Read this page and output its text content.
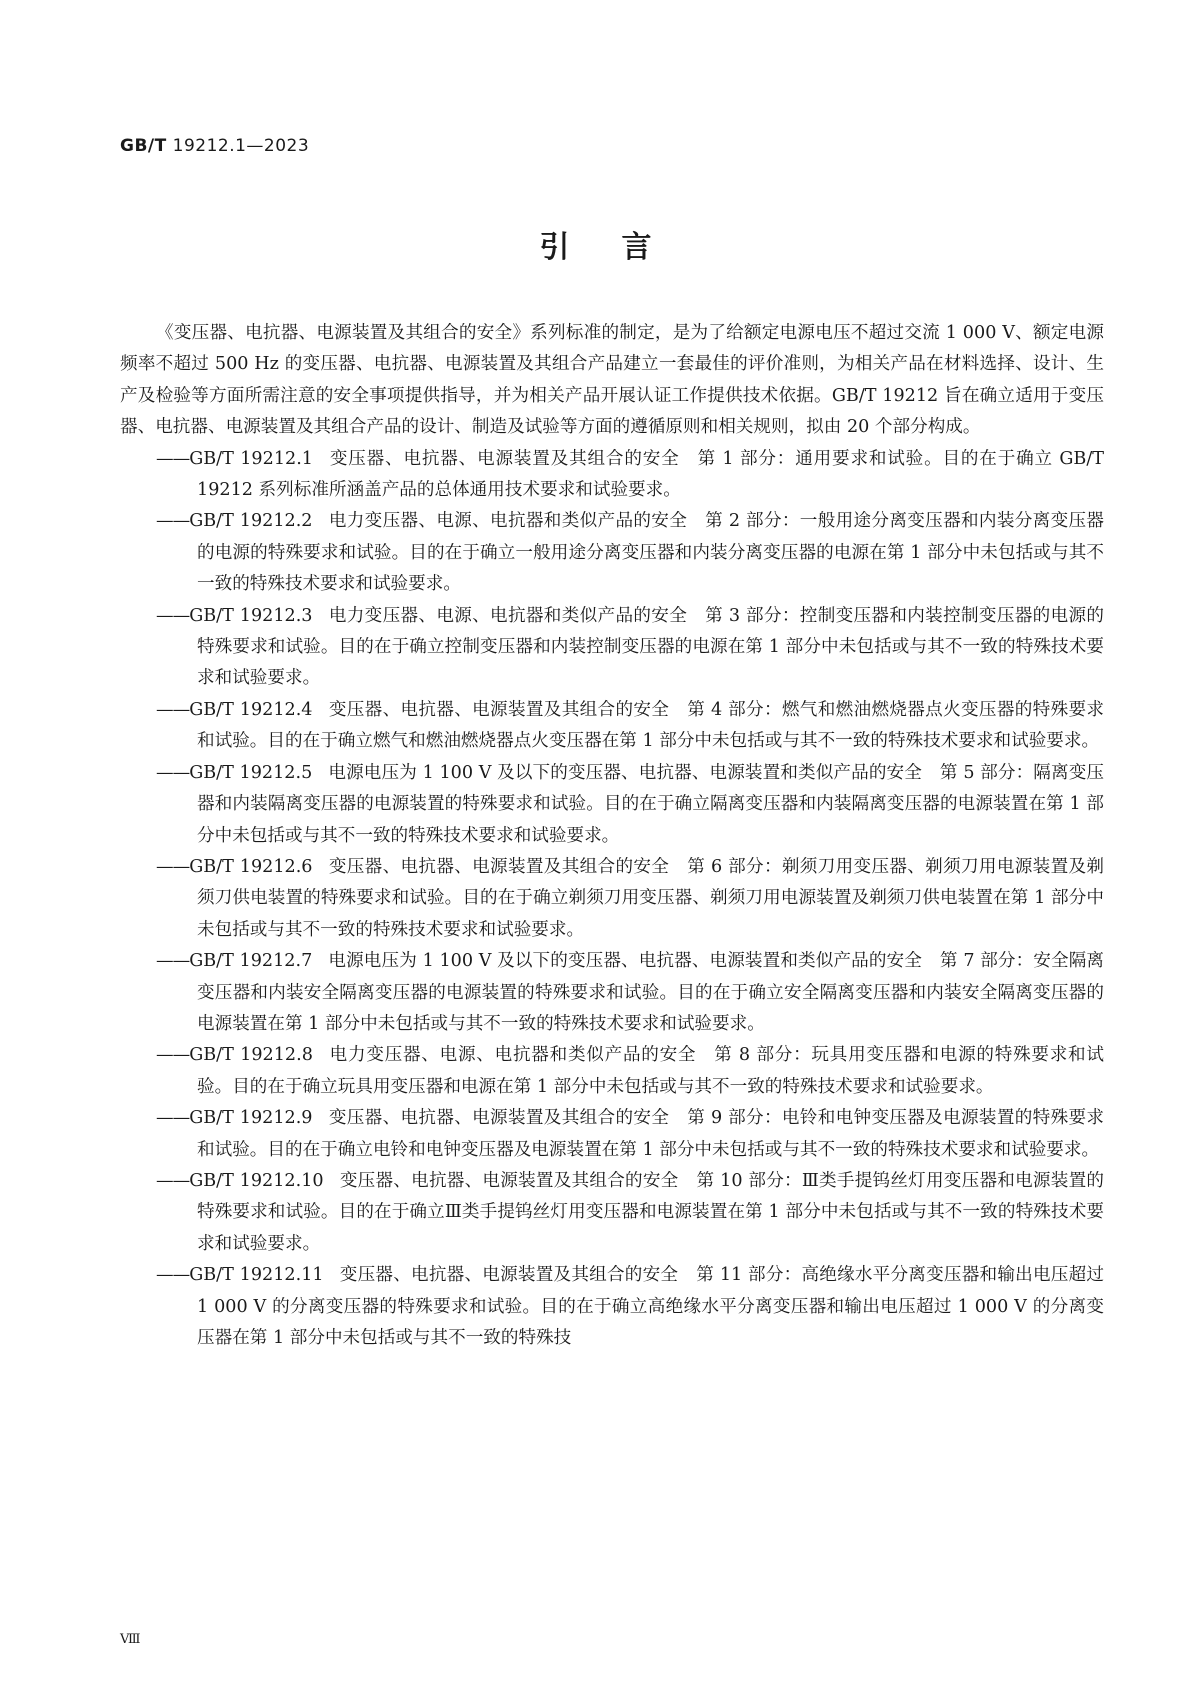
GB/T 19212.1—2023
引言

《变压器、电抗器、电源装置及其组合的安全》系列标准的制定，是为了给额定电源电压不超过交流 1 000 V、额定电源频率不超过 500 Hz 的变压器、电抗器、电源装置及其组合产品建立一套最佳的评价准则，为相关产品在材料选择、设计、生产及检验等方面所需注意的安全事项提供指导，并为相关产品开展认证工作提供技术依据。GB/T 19212 旨在确立适用于变压器、电抗器、电源装置及其组合产品的设计、制造及试验等方面的遵循原则和相关规则，拟由 20 个部分构成。

——GB/T 19212.1 变压器、电抗器、电源装置及其组合的安全 第 1 部分：通用要求和试验。目的在于确立 GB/T 19212 系列标准所涵盖产品的总体通用技术要求和试验要求。
——GB/T 19212.2 电力变压器、电源、电抗器和类似产品的安全 第 2 部分：一般用途分离变压器和内装分离变压器的电源的特殊要求和试验。目的在于确立一般用途分离变压器和内装分离变压器的电源在第 1 部分中未包括或与其不一致的特殊技术要求和试验要求。
——GB/T 19212.3 电力变压器、电源、电抗器和类似产品的安全 第 3 部分：控制变压器和内装控制变压器的电源的特殊要求和试验。目的在于确立控制变压器和内装控制变压器的电源在第 1 部分中未包括或与其不一致的特殊技术要求和试验要求。
——GB/T 19212.4 变压器、电抗器、电源装置及其组合的安全 第 4 部分：燃气和燃油燃烧器点火变压器的特殊要求和试验。目的在于确立燃气和燃油燃烧器点火变压器在第 1 部分中未包括或与其不一致的特殊技术要求和试验要求。
——GB/T 19212.5 电源电压为 1 100 V 及以下的变压器、电抗器、电源装置和类似产品的安全 第 5 部分：隔离变压器和内装隔离变压器的电源装置的特殊要求和试验。目的在于确立隔离变压器和内装隔离变压器的电源装置在第 1 部分中未包括或与其不一致的特殊技术要求和试验要求。
——GB/T 19212.6 变压器、电抗器、电源装置及其组合的安全 第 6 部分：剃须刀用变压器、剃须刀用电源装置及剃须刀供电装置的特殊要求和试验。目的在于确立剃须刀用变压器、剃须刀用电源装置及剃须刀供电装置在第 1 部分中未包括或与其不一致的特殊技术要求和试验要求。
——GB/T 19212.7 电源电压为 1 100 V 及以下的变压器、电抗器、电源装置和类似产品的安全 第 7 部分：安全隔离变压器和内装安全隔离变压器的电源装置的特殊要求和试验。目的在于确立安全隔离变压器和内装安全隔离变压器的电源装置在第 1 部分中未包括或与其不一致的特殊技术要求和试验要求。
——GB/T 19212.8 电力变压器、电源、电抗器和类似产品的安全 第 8 部分：玩具用变压器和电源的特殊要求和试验。目的在于确立玩具用变压器和电源在第 1 部分中未包括或与其不一致的特殊技术要求和试验要求。
——GB/T 19212.9 变压器、电抗器、电源装置及其组合的安全 第 9 部分：电铃和电钟变压器及电源装置的特殊要求和试验。目的在于确立电铃和电钟变压器及电源装置在第 1 部分中未包括或与其不一致的特殊技术要求和试验要求。
——GB/T 19212.10 变压器、电抗器、电源装置及其组合的安全 第 10 部分：Ⅲ类手提钨丝灯用变压器和电源装置的特殊要求和试验。目的在于确立Ⅲ类手提钨丝灯用变压器和电源装置在第 1 部分中未包括或与其不一致的特殊技术要求和试验要求。
——GB/T 19212.11 变压器、电抗器、电源装置及其组合的安全 第 11 部分：高绝缘水平分离变压器和输出电压超过 1 000 V 的分离变压器的特殊要求和试验。目的在于确立高绝缘水平分离变压器和输出电压超过 1 000 V 的分离变压器在第 1 部分中未包括或与其不一致的特殊技
Ⅷ
